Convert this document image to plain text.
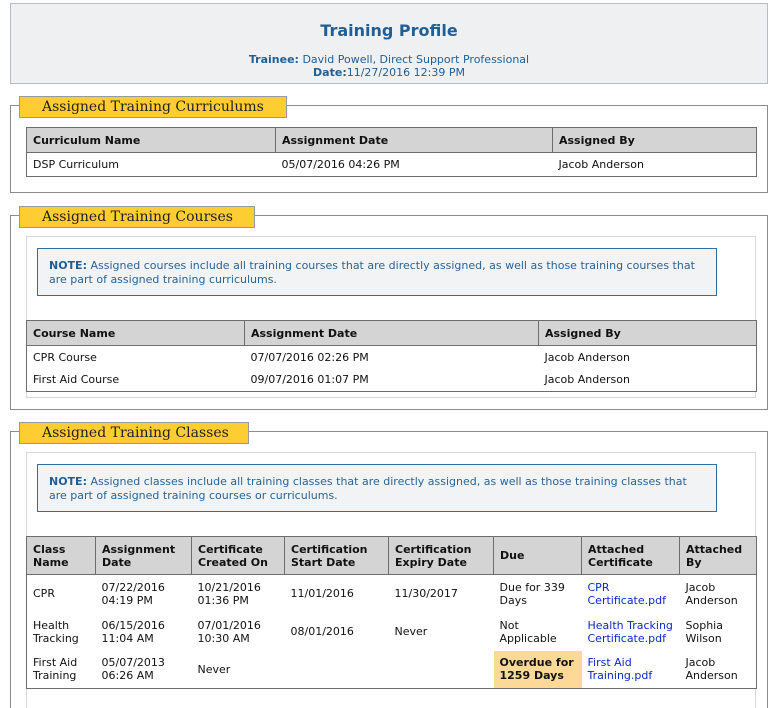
Training Profile
Trainee: David Powell, Direct Support Professional
Date:11/27/2016 12:39 PM
Assigned Training Curriculums
Curriculum Name	Assignment Date	Assigned By
DSP Curriculum	05/07/2016 04:26 PM	Jacob Anderson
Assigned Training Courses
NOTE: Assigned courses include all training courses that are directly assigned, as well as those training courses that are part of assigned training curriculums.
Course Name	Assignment Date	Assigned By
CPR Course	07/07/2016 02:26 PM	Jacob Anderson
First Aid Course	09/07/2016 01:07 PM	Jacob Anderson
Assigned Training Classes
NOTE: Assigned classes include all training classes that are directly assigned, as well as those training classes that are part of assigned training courses or curriculums.
Class Name	Assignment Date	Certificate Created On	Certification Start Date	Certification Expiry Date	Due	Attached Certificate	Attached By
CPR	07/22/2016 04:19 PM	10/21/2016 01:36 PM	11/01/2016	11/30/2017	Due for 339 Days	CPR Certificate.pdf	Jacob Anderson
Health Tracking	06/15/2016 11:04 AM	07/01/2016 10:30 AM	08/01/2016	Never	Not Applicable	Health Tracking Certificate.pdf	Sophia Wilson
First Aid Training	05/07/2013 06:26 AM	Never			Overdue for 1259 Days	First Aid Training.pdf	Jacob Anderson
